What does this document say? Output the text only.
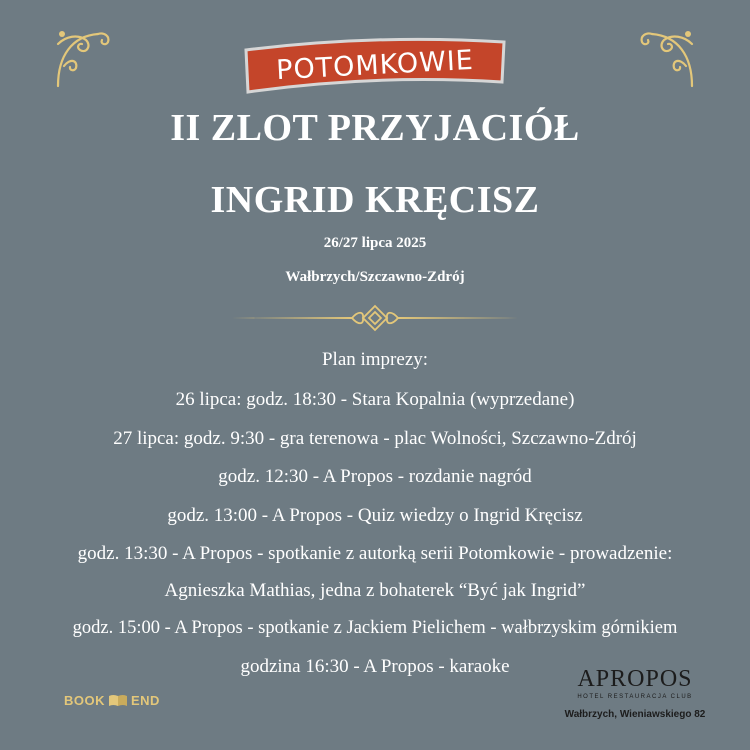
POTOMKOWIE
II ZLOT PRZYJACIÓŁ
INGRID KRĘCISZ
26/27 lipca 2025
Wałbrzych/Szczawno-Zdrój
Plan imprezy:
26 lipca: godz. 18:30 - Stara Kopalnia (wyprzedane)
27 lipca: godz. 9:30 - gra terenowa - plac Wolności, Szczawno-Zdrój
godz. 12:30 - A Propos - rozdanie nagród
godz. 13:00 - A Propos - Quiz wiedzy o Ingrid Kręcisz
godz. 13:30 - A Propos - spotkanie z autorką serii Potomkowie - prowadzenie:
Agnieszka Mathias, jedna z bohaterek “Być jak Ingrid”
godz. 15:00 - A Propos - spotkanie z Jackiem Pielichem - wałbrzyskim górnikiem
godzina 16:30 - A Propos - karaoke
BOOK END
APROPOS
HOTEL RESTAURACJA CLUB
Wałbrzych, Wieniawskiego 82
